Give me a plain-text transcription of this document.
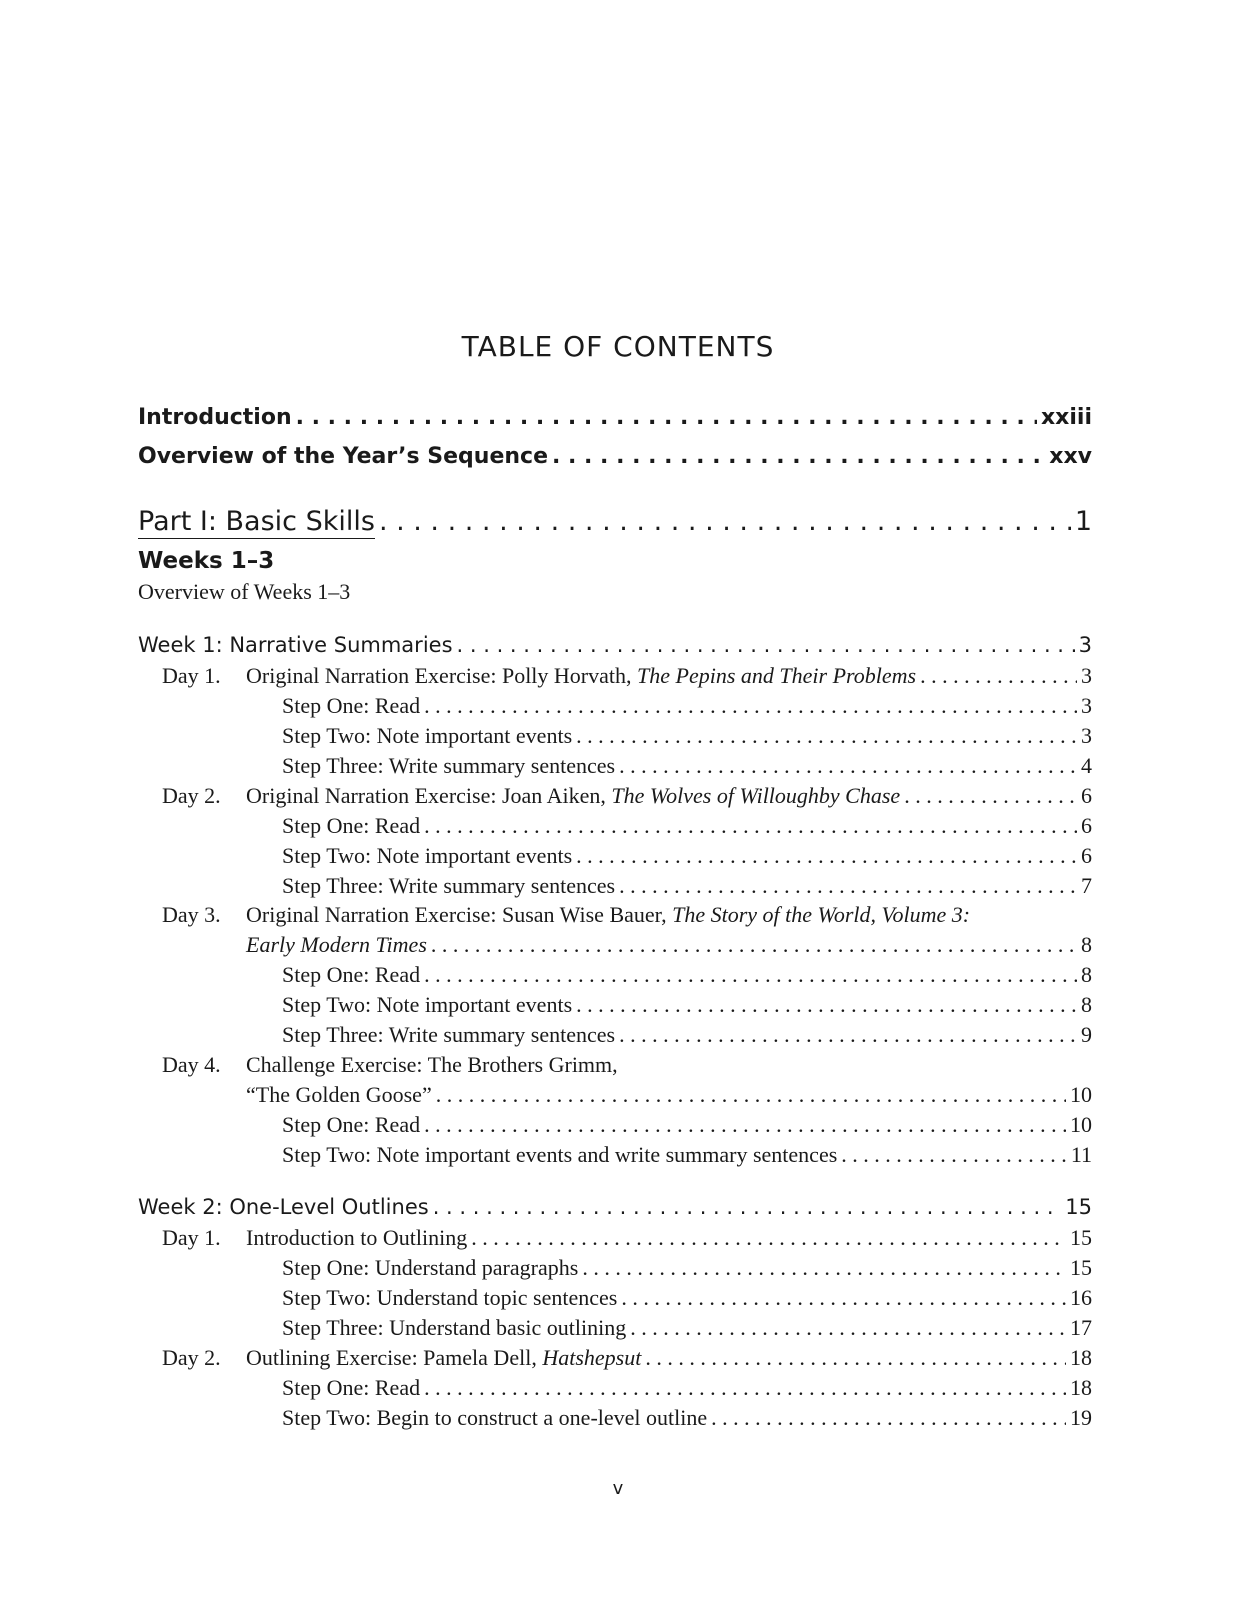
TABLE OF CONTENTS
Introduction . . .	xxiii
Overview of the Year’s Sequence . . .	xxv
Part I: Basic Skills . . .	1
Weeks 1–3
Overview of Weeks 1–3
Week 1: Narrative Summaries . . .	3
Day 1. Original Narration Exercise: Polly Horvath, The Pepins and Their Problems . . .	3
Step One: Read . . .	3
Step Two: Note important events . . .	3
Step Three: Write summary sentences . . .	4
Day 2. Original Narration Exercise: Joan Aiken, The Wolves of Willoughby Chase . . .	6
Step One: Read . . .	6
Step Two: Note important events . . .	6
Step Three: Write summary sentences . . .	7
Day 3. Original Narration Exercise: Susan Wise Bauer, The Story of the World, Volume 3:
Early Modern Times . . .	8
Step One: Read . . .	8
Step Two: Note important events . . .	8
Step Three: Write summary sentences . . .	9
Day 4. Challenge Exercise: The Brothers Grimm,
“The Golden Goose” . . .	10
Step One: Read . . .	10
Step Two: Note important events and write summary sentences . . .	11
Week 2: One-Level Outlines . . .	15
Day 1. Introduction to Outlining . . .	15
Step One: Understand paragraphs . . .	15
Step Two: Understand topic sentences . . .	16
Step Three: Understand basic outlining . . .	17
Day 2. Outlining Exercise: Pamela Dell, Hatshepsut . . .	18
Step One: Read . . .	18
Step Two: Begin to construct a one-level outline . . .	19
v
